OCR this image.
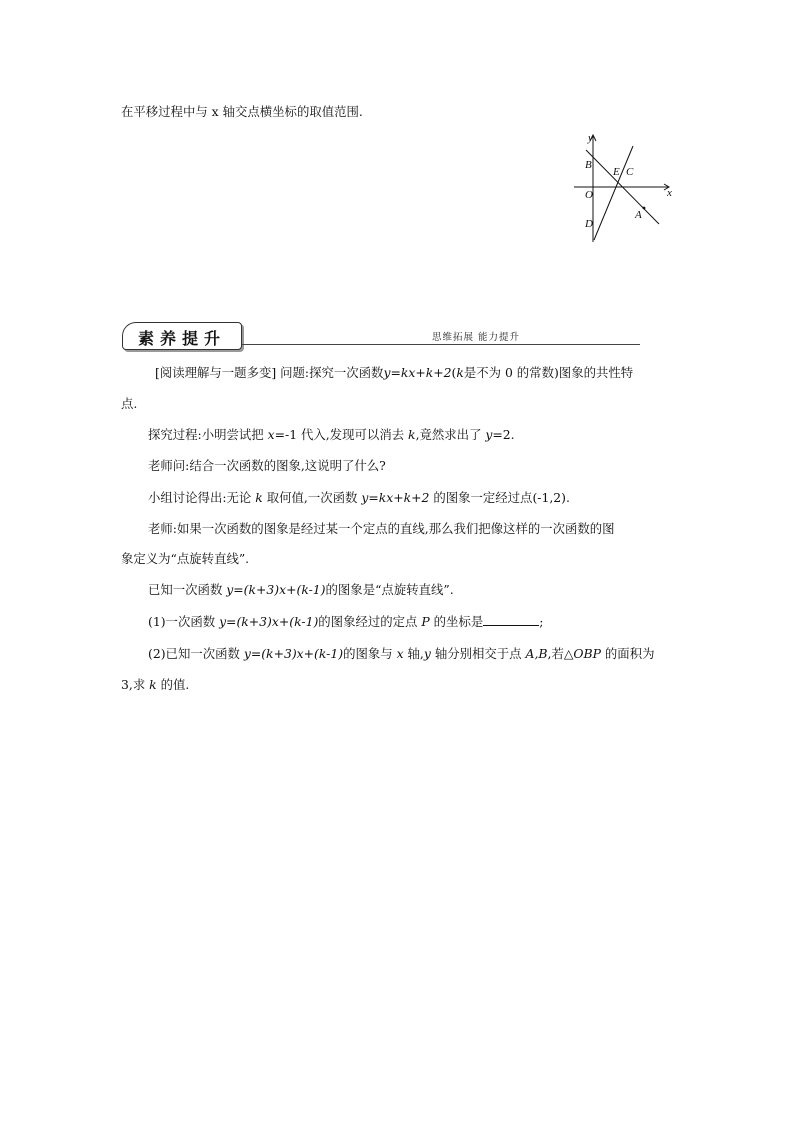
在平移过程中与 x 轴交点横坐标的取值范围.
y
x
O
B
E C
D
A
素养提升	思维拓展 能力提升
[阅读理解与一题多变] 问题:探究一次函数y=kx+k+2(k是不为 0 的常数)图象的共性特
点.
探究过程:小明尝试把 x=-1 代入,发现可以消去 k,竟然求出了 y=2.
老师问:结合一次函数的图象,这说明了什么?
小组讨论得出:无论 k 取何值,一次函数 y=kx+k+2 的图象一定经过点(-1,2).
老师:如果一次函数的图象是经过某一个定点的直线,那么我们把像这样的一次函数的图
象定义为“点旋转直线”.
已知一次函数 y=(k+3)x+(k-1)的图象是“点旋转直线”.
(1)一次函数 y=(k+3)x+(k-1)的图象经过的定点 P 的坐标是	;
(2)已知一次函数 y=(k+3)x+(k-1)的图象与 x 轴,y 轴分别相交于点 A,B,若△OBP 的面积为
3,求 k 的值.
